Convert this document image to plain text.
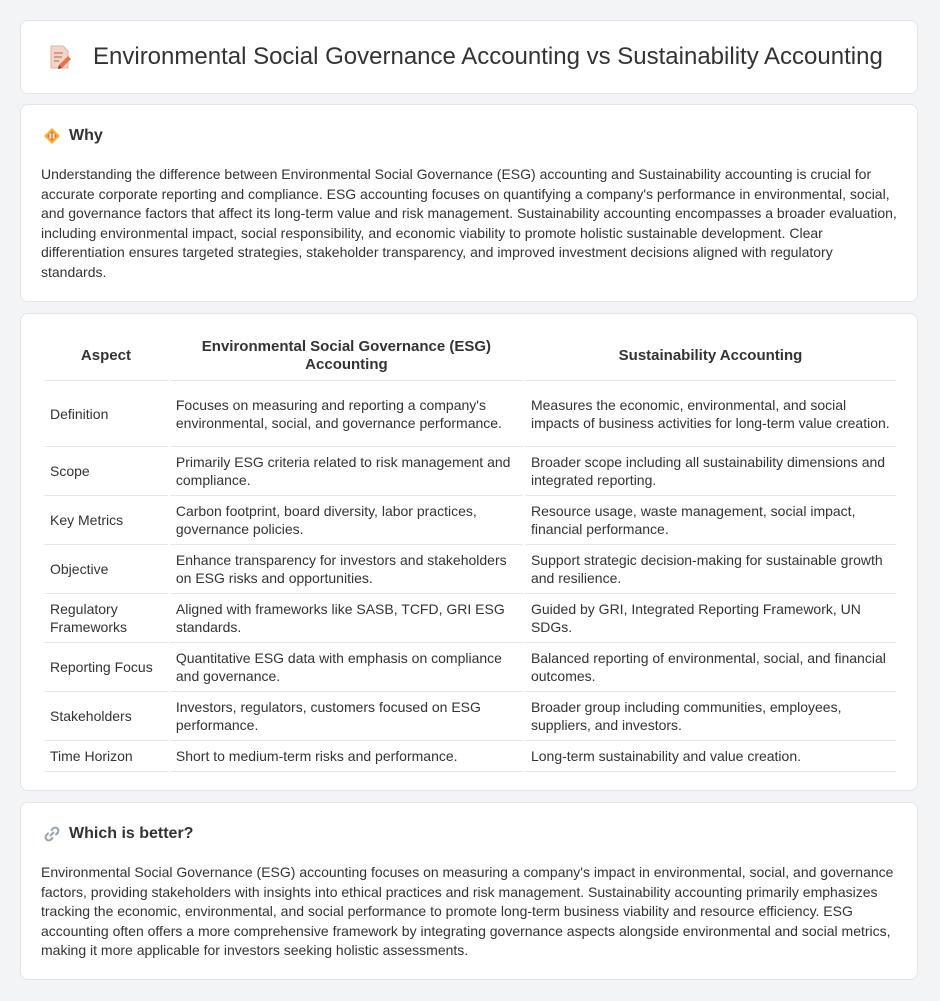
Environmental Social Governance Accounting vs Sustainability Accounting
Why

Understanding the difference between Environmental Social Governance (ESG) accounting and Sustainability accounting is crucial for accurate corporate reporting and compliance. ESG accounting focuses on quantifying a company's performance in environmental, social, and governance factors that affect its long-term value and risk management. Sustainability accounting encompasses a broader evaluation, including environmental impact, social responsibility, and economic viability to promote holistic sustainable development. Clear differentiation ensures targeted strategies, stakeholder transparency, and improved investment decisions aligned with regulatory standards.

Aspect	Environmental Social Governance (ESG) Accounting	Sustainability Accounting
Definition	Focuses on measuring and reporting a company's environmental, social, and governance performance.	Measures the economic, environmental, and social impacts of business activities for long-term value creation.
Scope	Primarily ESG criteria related to risk management and compliance.	Broader scope including all sustainability dimensions and integrated reporting.
Key Metrics	Carbon footprint, board diversity, labor practices, governance policies.	Resource usage, waste management, social impact, financial performance.
Objective	Enhance transparency for investors and stakeholders on ESG risks and opportunities.	Support strategic decision-making for sustainable growth and resilience.
Regulatory Frameworks	Aligned with frameworks like SASB, TCFD, GRI ESG standards.	Guided by GRI, Integrated Reporting Framework, UN SDGs.
Reporting Focus	Quantitative ESG data with emphasis on compliance and governance.	Balanced reporting of environmental, social, and financial outcomes.
Stakeholders	Investors, regulators, customers focused on ESG performance.	Broader group including communities, employees, suppliers, and investors.
Time Horizon	Short to medium-term risks and performance.	Long-term sustainability and value creation.
Which is better?

Environmental Social Governance (ESG) accounting focuses on measuring a company's impact in environmental, social, and governance factors, providing stakeholders with insights into ethical practices and risk management. Sustainability accounting primarily emphasizes tracking the economic, environmental, and social performance to promote long-term business viability and resource efficiency. ESG accounting often offers a more comprehensive framework by integrating governance aspects alongside environmental and social metrics, making it more applicable for investors seeking holistic assessments.
